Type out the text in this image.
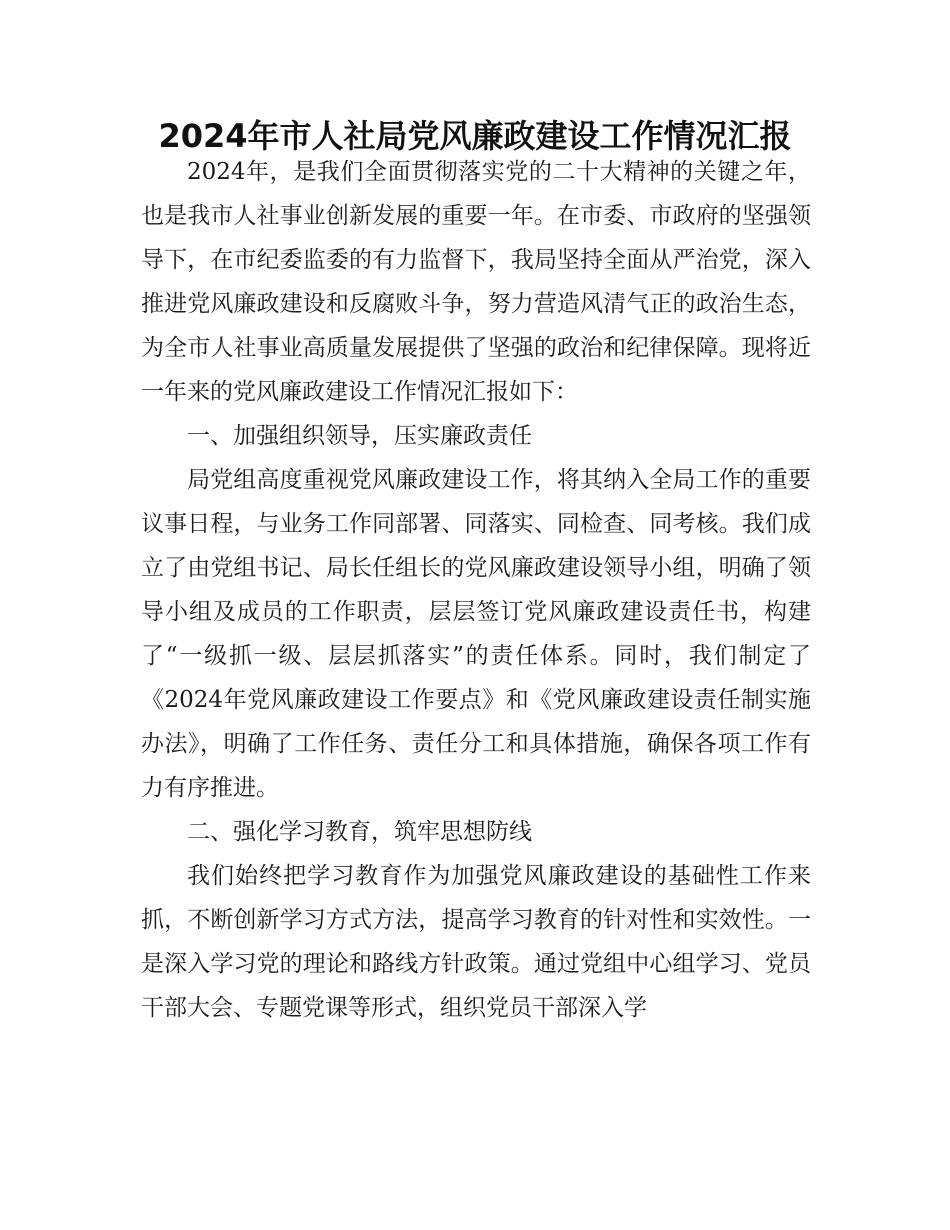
2024年市人社局党风廉政建设工作情况汇报

2024年，是我们全面贯彻落实党的二十大精神的关键之年，也是我市人社事业创新发展的重要一年。在市委、市政府的坚强领导下，在市纪委监委的有力监督下，我局坚持全面从严治党，深入推进党风廉政建设和反腐败斗争，努力营造风清气正的政治生态，为全市人社事业高质量发展提供了坚强的政治和纪律保障。现将近一年来的党风廉政建设工作情况汇报如下：

一、加强组织领导，压实廉政责任

局党组高度重视党风廉政建设工作，将其纳入全局工作的重要议事日程，与业务工作同部署、同落实、同检查、同考核。我们成立了由党组书记、局长任组长的党风廉政建设领导小组，明确了领导小组及成员的工作职责，层层签订党风廉政建设责任书，构建了“一级抓一级、层层抓落实”的责任体系。同时，我们制定了《2024年党风廉政建设工作要点》和《党风廉政建设责任制实施办法》，明确了工作任务、责任分工和具体措施，确保各项工作有力有序推进。

二、强化学习教育，筑牢思想防线

我们始终把学习教育作为加强党风廉政建设的基础性工作来抓，不断创新学习方式方法，提高学习教育的针对性和实效性。一是深入学习党的理论和路线方针政策。通过党组中心组学习、党员干部大会、专题党课等形式，组织党员干部深入学
